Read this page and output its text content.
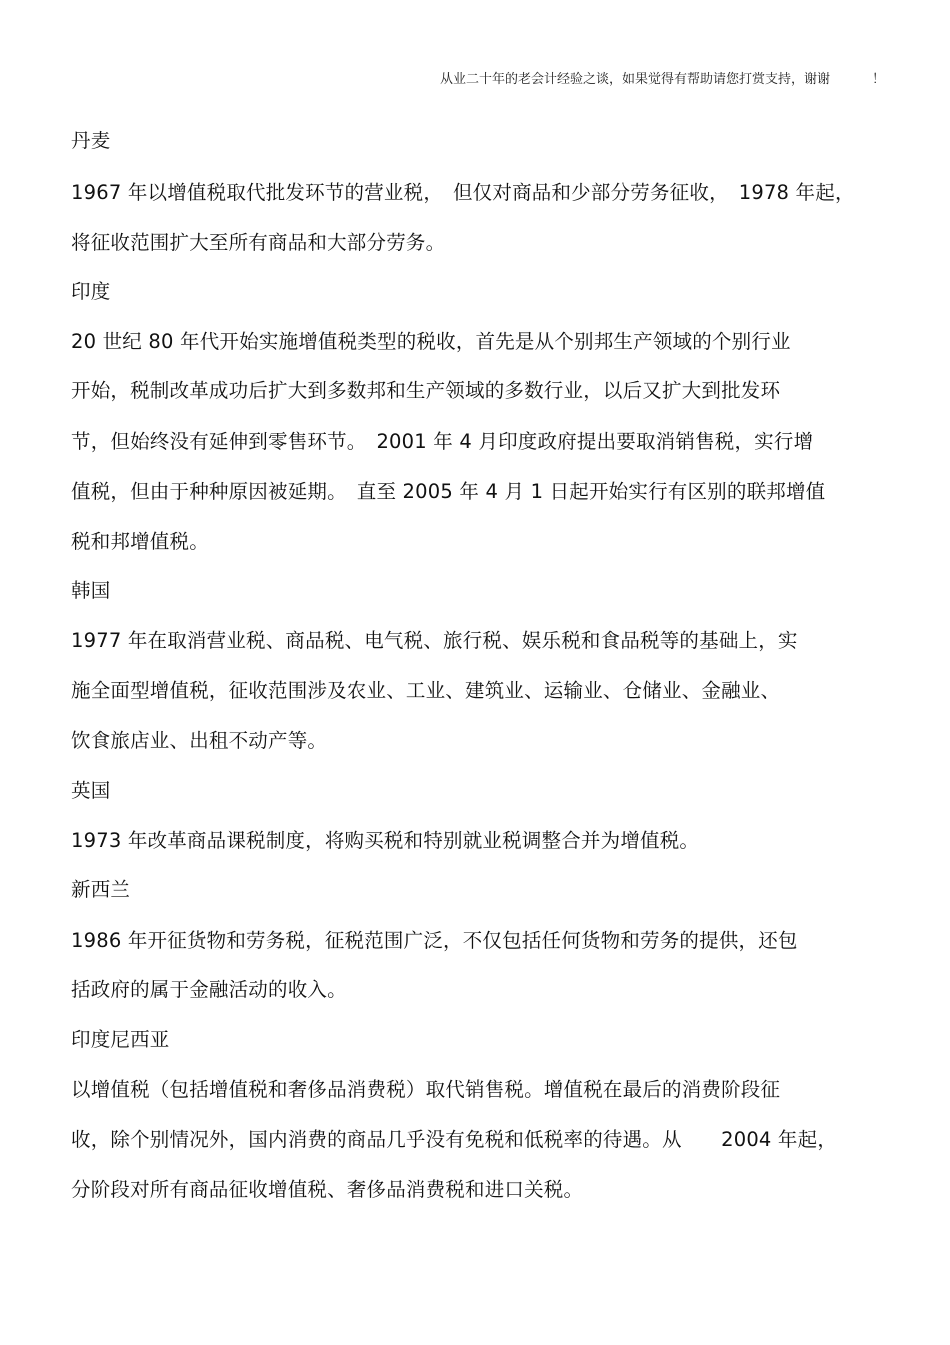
从业二十年的老会计经验之谈，如果觉得有帮助请您打赏支持，谢谢	！
丹麦
1967 年以增值税取代批发环节的营业税，　但仅对商品和少部分劳务征收，　1978 年起，
将征收范围扩大至所有商品和大部分劳务。
印度
20 世纪 80 年代开始实施增值税类型的税收，首先是从个别邦生产领域的个别行业
开始，税制改革成功后扩大到多数邦和生产领域的多数行业，以后又扩大到批发环
节，但始终没有延伸到零售环节。　2001 年 4 月印度政府提出要取消销售税，实行增
值税，但由于种种原因被延期。　直至 2005 年 4 月 1 日起开始实行有区别的联邦增值
税和邦增值税。
韩国
1977 年在取消营业税、商品税、电气税、旅行税、娱乐税和食品税等的基础上，实
施全面型增值税，征收范围涉及农业、工业、建筑业、运输业、仓储业、金融业、
饮食旅店业、出租不动产等。
英国
1973 年改革商品课税制度，将购买税和特别就业税调整合并为增值税。
新西兰
1986 年开征货物和劳务税，征税范围广泛，不仅包括任何货物和劳务的提供，还包
括政府的属于金融活动的收入。
印度尼西亚
以增值税（包括增值税和奢侈品消费税）取代销售税。增值税在最后的消费阶段征
收，除个别情况外，国内消费的商品几乎没有免税和低税率的待遇。从　　2004 年起，
分阶段对所有商品征收增值税、奢侈品消费税和进口关税。
